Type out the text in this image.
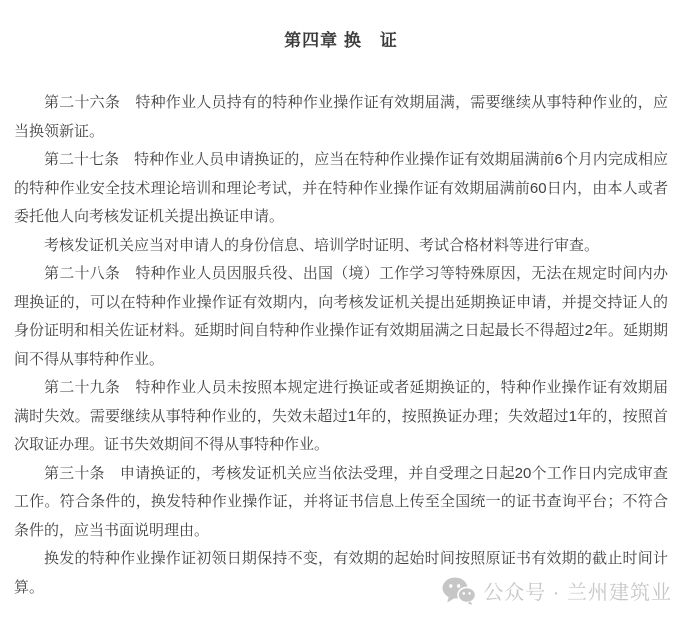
第四章 换　证

第二十六条　特种作业人员持有的特种作业操作证有效期届满，需要继续从事特种作业的，应当换领新证。

第二十七条　特种作业人员申请换证的，应当在特种作业操作证有效期届满前6个月内完成相应的特种作业安全技术理论培训和理论考试，并在特种作业操作证有效期届满前60日内，由本人或者委托他人向考核发证机关提出换证申请。

考核发证机关应当对申请人的身份信息、培训学时证明、考试合格材料等进行审查。

第二十八条　特种作业人员因服兵役、出国（境）工作学习等特殊原因，无法在规定时间内办理换证的，可以在特种作业操作证有效期内，向考核发证机关提出延期换证申请，并提交持证人的身份证明和相关佐证材料。延期时间自特种作业操作证有效期届满之日起最长不得超过2年。延期期间不得从事特种作业。

第二十九条　特种作业人员未按照本规定进行换证或者延期换证的，特种作业操作证有效期届满时失效。需要继续从事特种作业的，失效未超过1年的，按照换证办理；失效超过1年的，按照首次取证办理。证书失效期间不得从事特种作业。

第三十条　申请换证的，考核发证机关应当依法受理，并自受理之日起20个工作日内完成审查工作。符合条件的，换发特种作业操作证，并将证书信息上传至全国统一的证书查询平台；不符合条件的，应当书面说明理由。

换发的特种作业操作证初领日期保持不变，有效期的起始时间按照原证书有效期的截止时间计算。	公众号 · 兰州建筑业
